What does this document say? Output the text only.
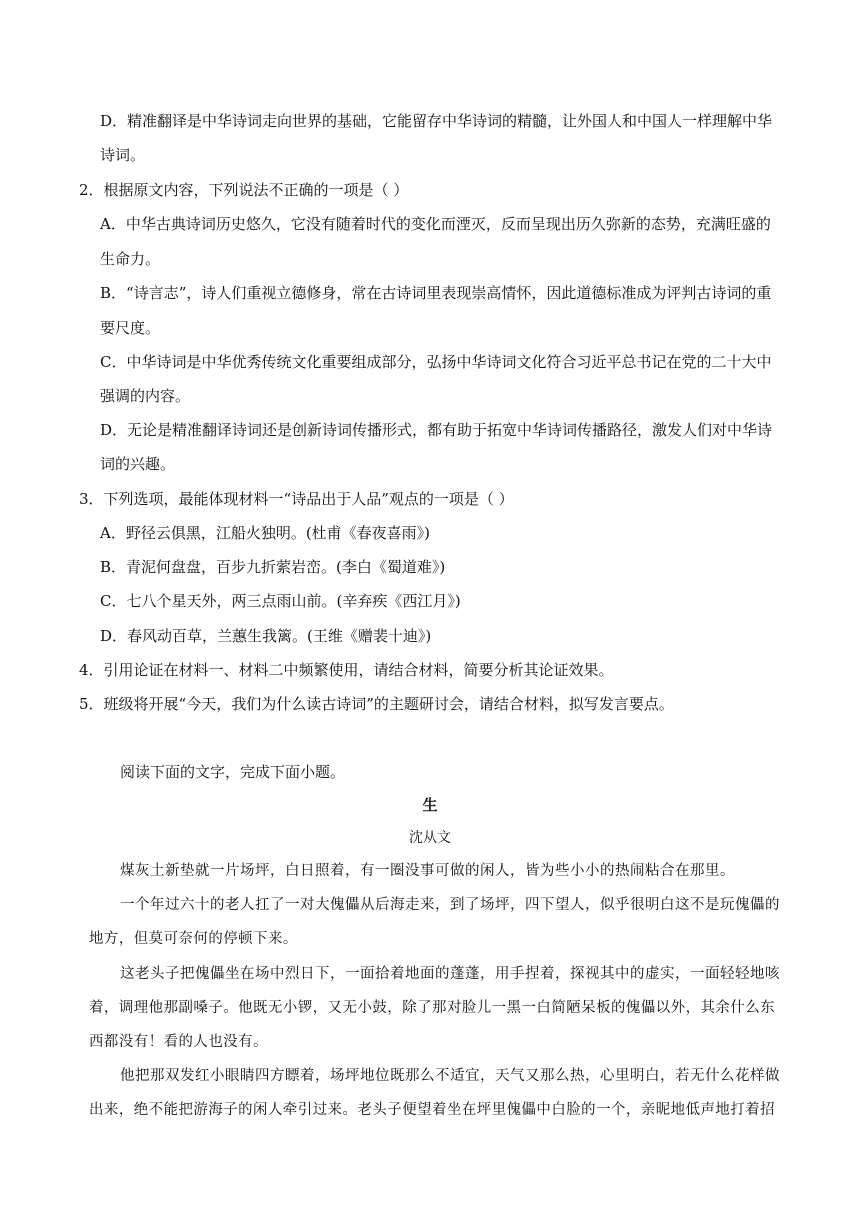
D．精准翻译是中华诗词走向世界的基础，它能留存中华诗词的精髓，让外国人和中国人一样理解中华
诗词。
2．根据原文内容，下列说法不正确的一项是（ ）
A．中华古典诗词历史悠久，它没有随着时代的变化而湮灭，反而呈现出历久弥新的态势，充满旺盛的
生命力。
B．“诗言志”，诗人们重视立德修身，常在古诗词里表现崇高情怀，因此道德标准成为评判古诗词的重
要尺度。
C．中华诗词是中华优秀传统文化重要组成部分，弘扬中华诗词文化符合习近平总书记在党的二十大中
强调的内容。
D．无论是精准翻译诗词还是创新诗词传播形式，都有助于拓宽中华诗词传播路径，激发人们对中华诗
词的兴趣。
3．下列选项，最能体现材料一“诗品出于人品”观点的一项是（ ）
A．野径云俱黑，江船火独明。(杜甫《春夜喜雨》)
B．青泥何盘盘，百步九折萦岩峦。(李白《蜀道难》)
C．七八个星天外，两三点雨山前。(辛弃疾《西江月》)
D．春风动百草，兰蕙生我篱。(王维《赠裴十迪》)
4．引用论证在材料一、材料二中频繁使用，请结合材料，简要分析其论证效果。
5．班级将开展“今天，我们为什么读古诗词”的主题研讨会，请结合材料，拟写发言要点。
阅读下面的文字，完成下面小题。
生
沈从文
煤灰土新垫就一片场坪，白日照着，有一圈没事可做的闲人，皆为些小小的热闹粘合在那里。
一个年过六十的老人扛了一对大傀儡从后海走来，到了场坪，四下望人，似乎很明白这不是玩傀儡的
地方，但莫可奈何的停顿下来。
这老头子把傀儡坐在场中烈日下，一面拾着地面的蓬蓬，用手捏着，探视其中的虚实，一面轻轻地咳
着，调理他那副嗓子。他既无小锣，又无小鼓，除了那对脸儿一黑一白简陋呆板的傀儡以外，其余什么东
西都没有！看的人也没有。
他把那双发红小眼睛四方瞟着，场坪地位既那么不适宜，天气又那么热，心里明白，若无什么花样做
出来，绝不能把游海子的闲人牵引过来。老头子便望着坐在坪里傀儡中白脸的一个，亲昵地低声地打着招
